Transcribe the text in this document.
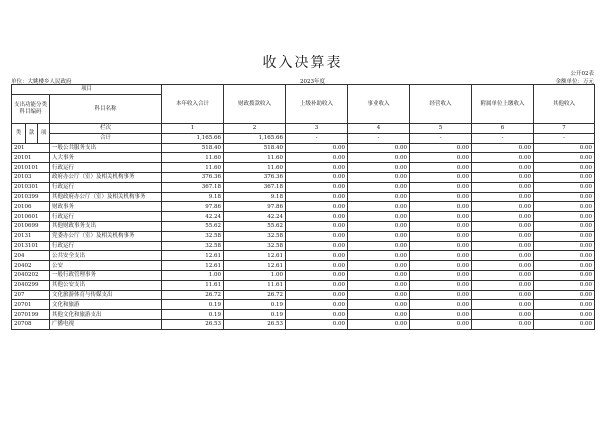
收入决算表
公开02表
单位：大姚楼乡人民政府	2023年度	金额单位：万元
项目				本年收入合计	财政拨款收入	上级补助收入	事业收入	经营收入	附属单位上缴收入	其他收入
支出功能分类科目编码			科目名称							

类	款	项	栏次	1	2	3	4	5	6	7
			合计	1,165.66	1,165.66	-	-	-	-	-
201			一般公共服务支出	518.40	518.40	0.00	0.00	0.00	0.00	0.00
20101			人大事务	11.60	11.60	0.00	0.00	0.00	0.00	0.00
2010101			行政运行	11.60	11.60	0.00	0.00	0.00	0.00	0.00
20103			政府办公厅（室）及相关机构事务	376.36	376.36	0.00	0.00	0.00	0.00	0.00
2010301			行政运行	367.18	367.18	0.00	0.00	0.00	0.00	0.00
2010399			其他政府办公厅（室）及相关机构事务	9.18	9.18	0.00	0.00	0.00	0.00	0.00
20106			财政事务	97.86	97.86	0.00	0.00	0.00	0.00	0.00
2010601			行政运行	42.24	42.24	0.00	0.00	0.00	0.00	0.00
2010699			其他财政事务支出	55.62	55.62	0.00	0.00	0.00	0.00	0.00
20131			党委办公厅（室）及相关机构事务	32.58	32.58	0.00	0.00	0.00	0.00	0.00
2013101			行政运行	32.58	32.58	0.00	0.00	0.00	0.00	0.00
204			公共安全支出	12.61	12.61	0.00	0.00	0.00	0.00	0.00
20402			公安	12.61	12.61	0.00	0.00	0.00	0.00	0.00
2040202			一般行政管理事务	1.00	1.00	0.00	0.00	0.00	0.00	0.00
2040299			其他公安支出	11.61	11.61	0.00	0.00	0.00	0.00	0.00
207			文化旅游体育与传媒支出	26.72	26.72	0.00	0.00	0.00	0.00	0.00
20701			文化和旅游	0.19	0.19	0.00	0.00	0.00	0.00	0.00
2070199			其他文化和旅游支出	0.19	0.19	0.00	0.00	0.00	0.00	0.00
20708			广播电视	26.53	26.53	0.00	0.00	0.00	0.00	0.00
